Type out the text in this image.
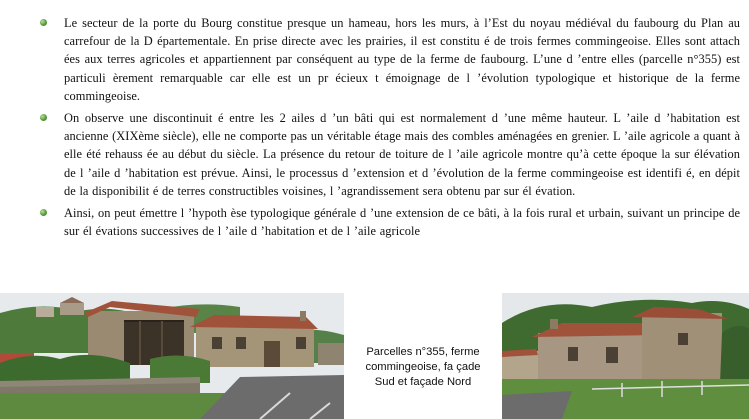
Le secteur de la porte du Bourg constitue presque un hameau, hors les murs, à l’Est du noyau médiéval du faubourg du Plan au carrefour de la D épartementale. En prise directe avec les prairies, il est constitu é de trois fermes commingeoise. Elles sont attach ées aux terres agricoles et appartiennent par conséquent au type de la ferme de faubourg. L’une d ’entre elles (parcelle n°355) est particuli èrement remarquable car elle est un pr écieux t émoignage de l ’évolution typologique et historique de la ferme commingeoise.

On observe une discontinuit é entre les 2 ailes d ’un bâti qui est normalement d ’une même hauteur. L ’aile d ’habitation est ancienne (XIXème siècle), elle ne comporte pas un véritable étage mais des combles aménagées en grenier. L ’aile agricole a quant à elle été rehauss ée au début du siècle. La présence du retour de toiture de l ’aile agricole montre qu’à cette époque la sur élévation de l ’aile d ’habitation est prévue. Ainsi, le processus d ’extension et d ’évolution de la ferme commingeoise est identifi é, en dépit de la disponibilit é de terres constructibles voisines, l ’agrandissement sera obtenu par sur él évation.

Ainsi, on peut émettre l ’hypoth èse typologique générale d ’une extension de ce bâti, à la fois rural et urbain, suivant un principe de sur él évations successives de l ’aile d ’habitation et de l ’aile agricole

Parcelles n°355, ferme
commingeoise, fa çade
Sud et façade Nord
